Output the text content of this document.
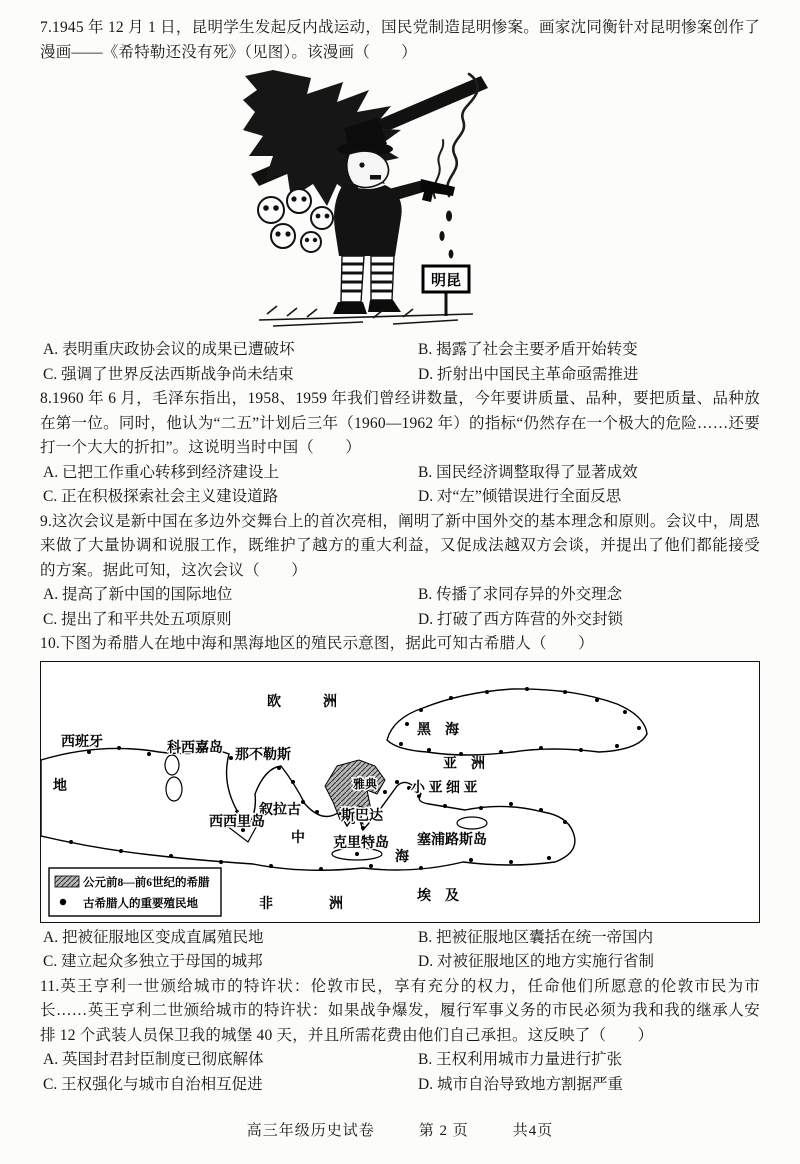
7.1945 年 12 月 1 日，昆明学生发起反内战运动，国民党制造昆明惨案。画家沈同衡针对昆明惨案创作了漫画——《希特勒还没有死》（见图）。该漫画（　　）

明昆
A. 表明重庆政协会议的成果已遭破坏	B. 揭露了社会主要矛盾开始转变
C. 强调了世界反法西斯战争尚未结束	D. 折射出中国民主革命亟需推进

8.1960 年 6 月，毛泽东指出，1958、1959 年我们曾经讲数量，今年要讲质量、品种，要把质量、品种放在第一位。同时，他认为“二五”计划后三年（1960—1962 年）的指标“仍然存在一个极大的危险……还要打一个大大的折扣”。这说明当时中国（　　）

A. 已把工作重心转移到经济建设上	B. 国民经济调整取得了显著成效
C. 正在积极探索社会主义建设道路	D. 对“左”倾错误进行全面反思

9.这次会议是新中国在多边外交舞台上的首次亮相，阐明了新中国外交的基本理念和原则。会议中，周恩来做了大量协调和说服工作，既维护了越方的重大利益，又促成法越双方会谈，并提出了他们都能接受的方案。据此可知，这次会议（　　）

A. 提高了新中国的国际地位	B. 传播了求同存异的外交理念
C. 提出了和平共处五项原则	D. 打破了西方阵营的外交封锁

10.下图为希腊人在地中海和黑海地区的殖民示意图，据此可知古希腊人（　　）

欧　　　洲
黑　海
西班牙	科西嘉岛 那不勒斯
亚　洲
地	小 亚 细 亚
叙拉古
雅典
斯巴达
西西里岛
中 克里特岛 塞浦路斯岛
海
非　　　　洲
埃　及
公元前8—前6世纪的希腊
古希腊人的重要殖民地
A. 把被征服地区变成直属殖民地	B. 把被征服地区囊括在统一帝国内
C. 建立起众多独立于母国的城邦	D. 对被征服地区的地方实施行省制

11.英王亨利一世颁给城市的特许状：伦敦市民，享有充分的权力，任命他们所愿意的伦敦市民为市长……英王亨利二世颁给城市的特许状：如果战争爆发，履行军事义务的市民必须为我和我的继承人安排 12 个武装人员保卫我的城堡 40 天，并且所需花费由他们自己承担。这反映了（　　）

A. 英国封君封臣制度已彻底解体	B. 王权利用城市力量进行扩张
C. 王权强化与城市自治相互促进	D. 城市自治导致地方割据严重
高三年级历史试卷	第 2 页	共4页
